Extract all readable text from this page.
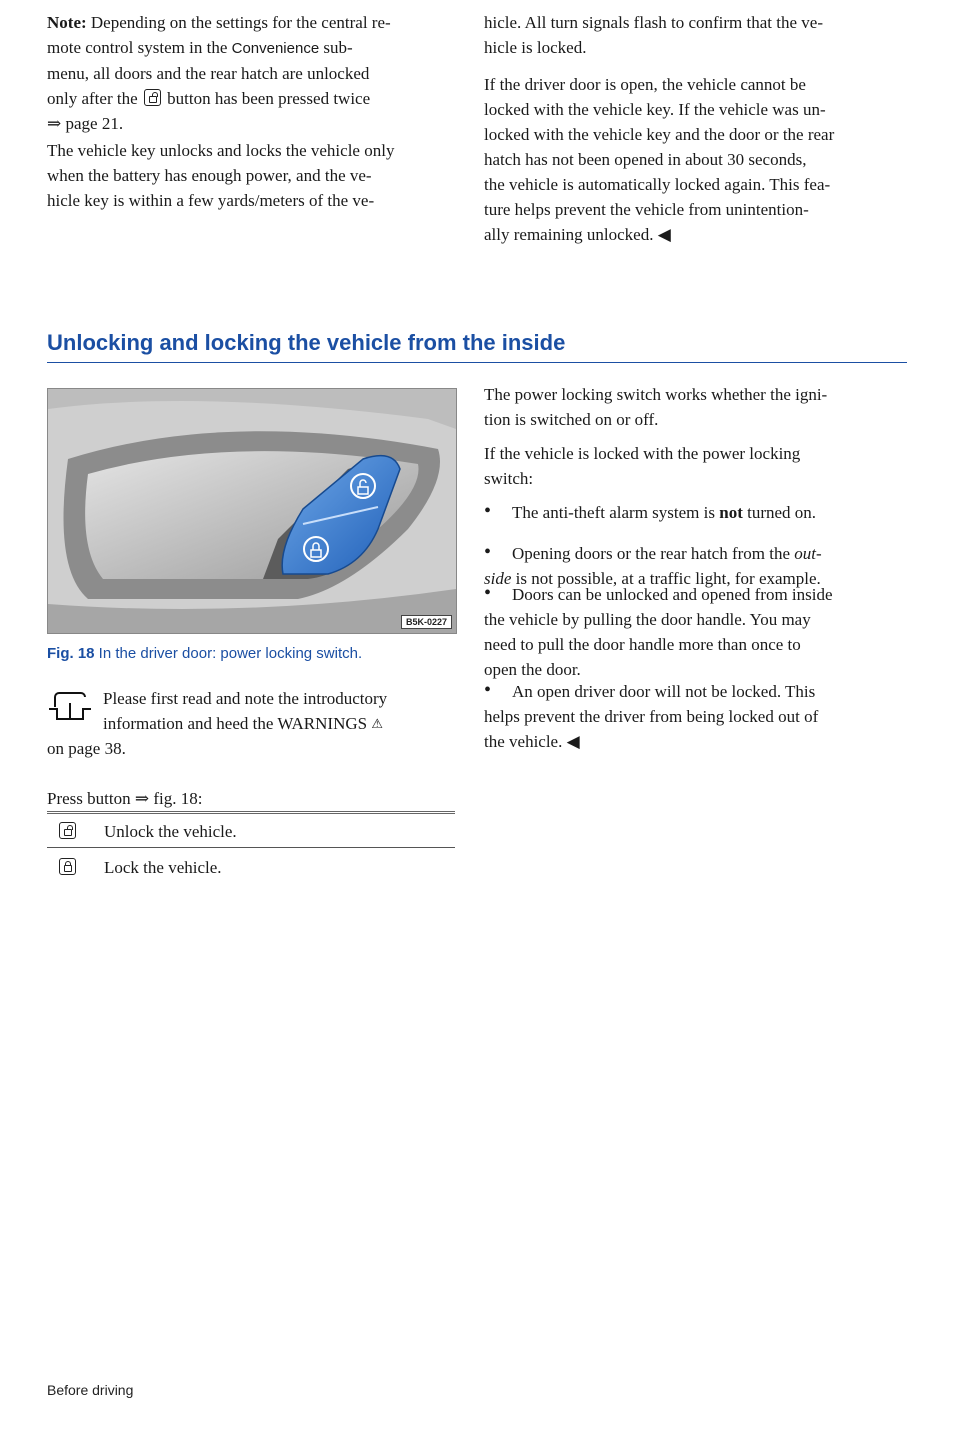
Note: Depending on the settings for the central re-
mote control system in the Convenience sub-
menu, all doors and the rear hatch are unlocked
only after the  button has been pressed twice
⇒ page 21.
The vehicle key unlocks and locks the vehicle only
when the battery has enough power, and the ve-
hicle key is within a few yards/meters of the ve-
hicle. All turn signals flash to confirm that the ve-
hicle is locked.
If the driver door is open, the vehicle cannot be
locked with the vehicle key. If the vehicle was un-
locked with the vehicle key and the door or the rear
hatch has not been opened in about 30 seconds,
the vehicle is automatically locked again. This fea-
ture helps prevent the vehicle from unintention-
ally remaining unlocked. ◀
Unlocking and locking the vehicle from the inside
B5K-0227

Fig. 18 In the driver door: power locking switch.

Please first read and note the introductory
information and heed the WARNINGS ⚠
on page 38.
Press button ⇒ fig. 18:
Unlock the vehicle.
Lock the vehicle.
The power locking switch works whether the igni-
tion is switched on or off.
If the vehicle is locked with the power locking
switch:
• The anti-theft alarm system is not turned on.
•	Opening doors or the rear hatch from the out-
side is not possible, at a traffic light, for example.
•	Doors can be unlocked and opened from inside
the vehicle by pulling the door handle. You may
need to pull the door handle more than once to
open the door.
•	An open driver door will not be locked. This
helps prevent the driver from being locked out of
the vehicle. ◀

Before driving
